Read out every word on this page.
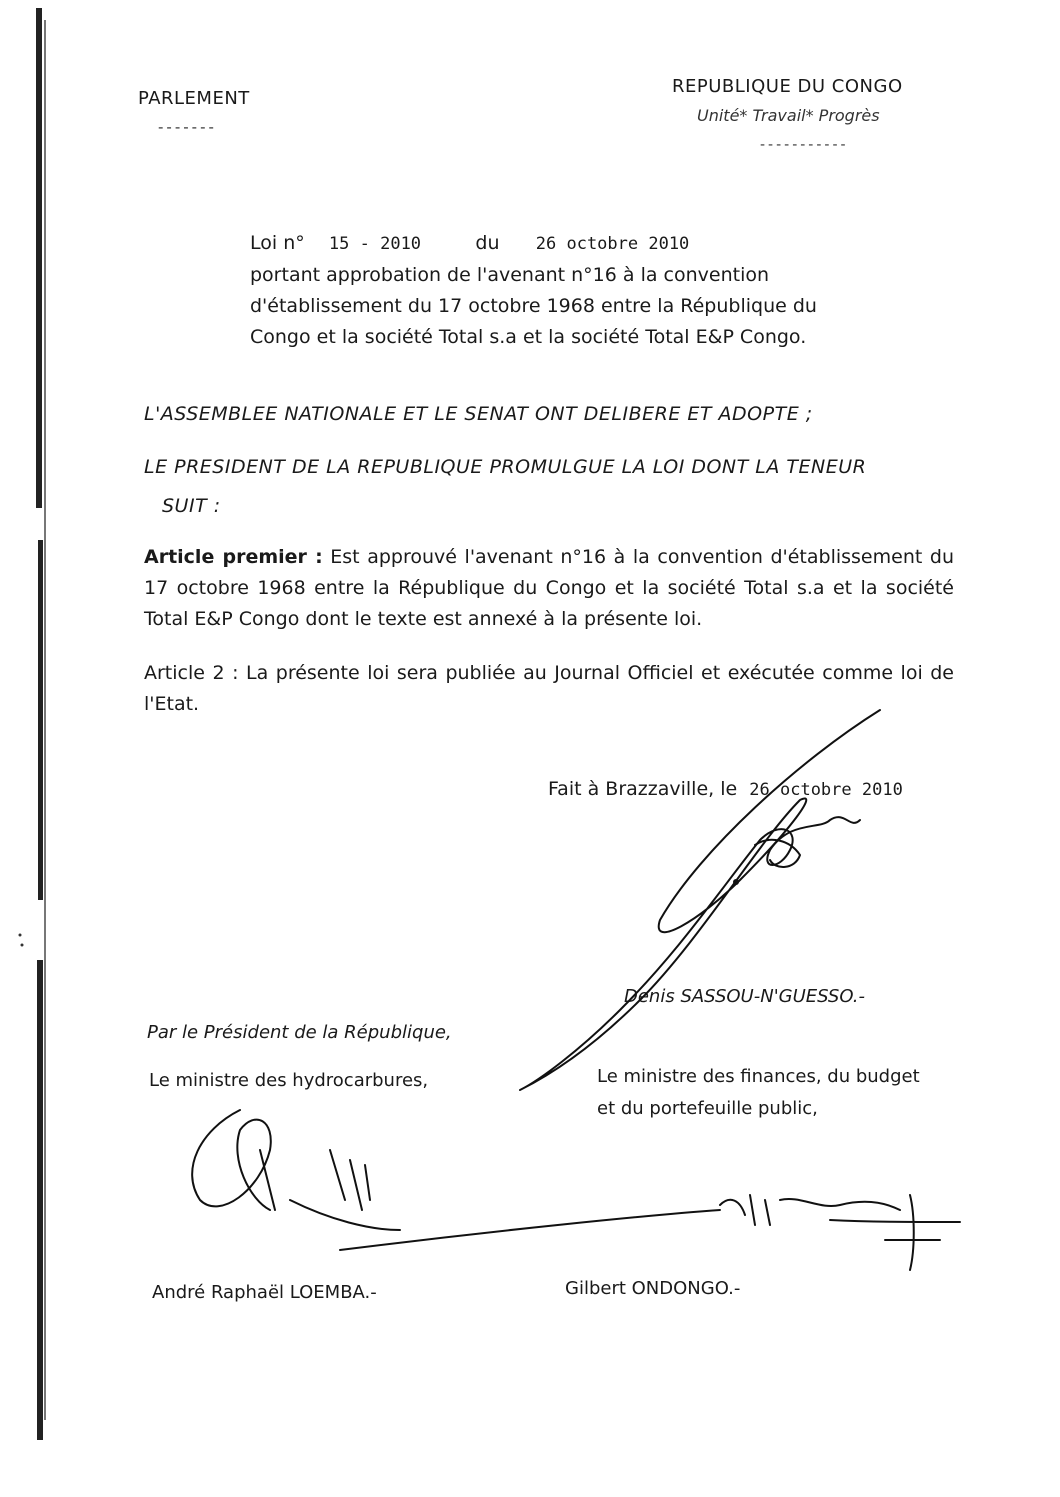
PARLEMENT
-------
REPUBLIQUE DU CONGO
Unité* Travail* Progrès
-----------
Loi n° 15 - 2010	du 26 octobre 2010
portant approbation de l'avenant n°16 à la convention
d'établissement du 17 octobre 1968 entre la République du
Congo et la société Total s.a et la société Total E&P Congo.
L'ASSEMBLEE NATIONALE ET LE SENAT ONT DELIBERE ET ADOPTE ;
LE PRESIDENT DE LA REPUBLIQUE PROMULGUE LA LOI DONT LA TENEUR
SUIT :
Article premier : Est approuvé l'avenant n°16 à la convention d'établissement du 17 octobre 1968 entre la République du Congo et la société Total s.a et la société Total E&P Congo dont le texte est annexé à la présente loi.
Article 2 : La présente loi sera publiée au Journal Officiel et exécutée comme loi de l'Etat.
Fait à Brazzaville, le 26 octobre 2010
Denis SASSOU-N'GUESSO.-
Par le Président de la République,
Le ministre des hydrocarbures,	Le ministre des finances, du budget
et du portefeuille public,
André Raphaël LOEMBA.-	Gilbert ONDONGO.-
